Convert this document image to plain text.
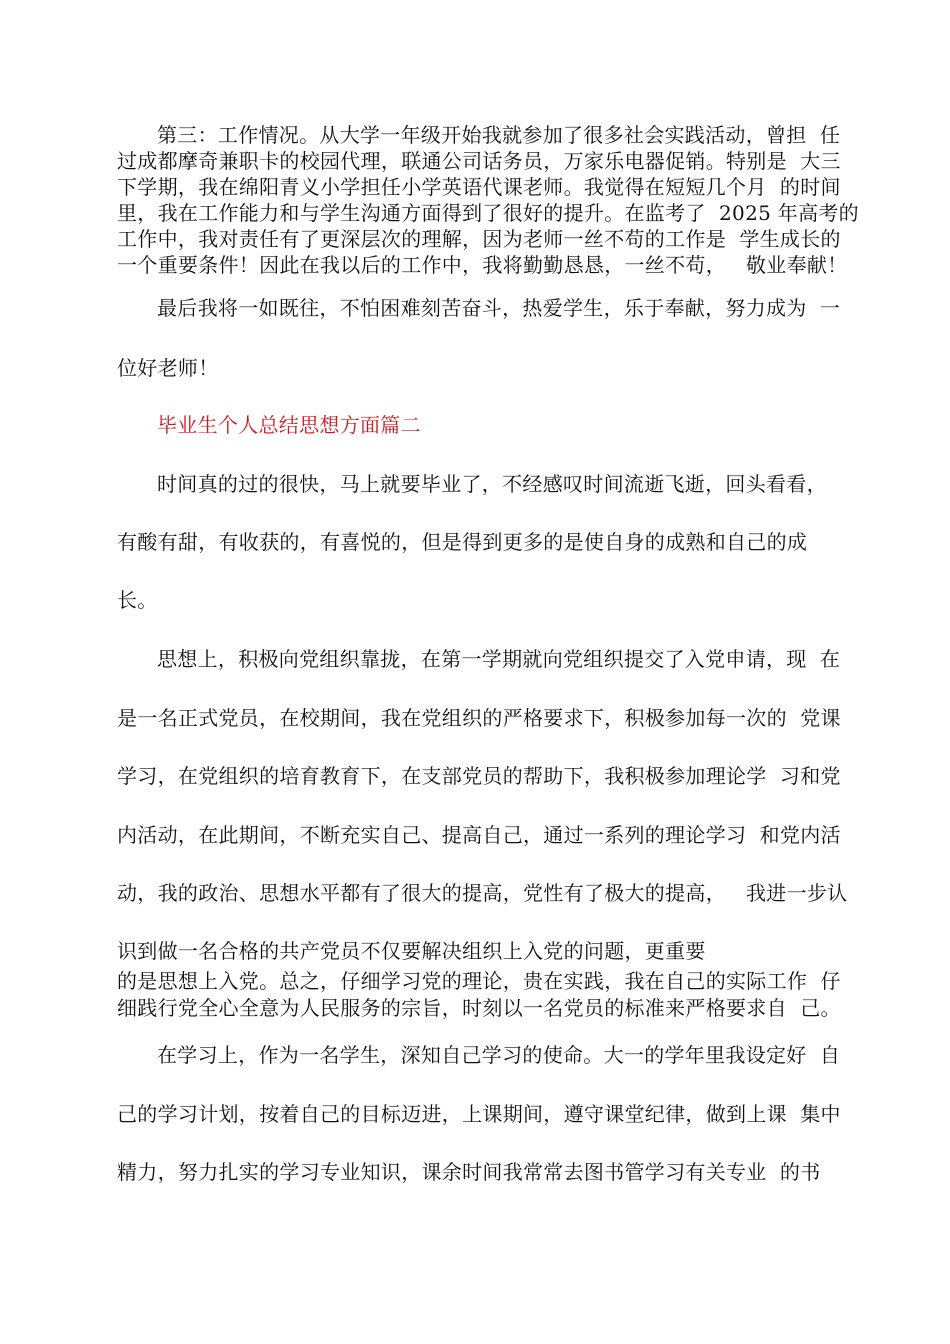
第三：工作情况。从大学一年级开始我就参加了很多社会实践活动，曾担  任
过成都摩奇兼职卡的校园代理，联通公司话务员，万家乐电器促销。特别是  大三
下学期，我在绵阳青义小学担任小学英语代课老师。我觉得在短短几个月  的时间
里，我在工作能力和与学生沟通方面得到了很好的提升。在监考了  2025 年高考的
工作中，我对责任有了更深层次的理解，因为老师一丝不苟的工作是  学生成长的
一个重要条件！因此在我以后的工作中，我将勤勤恳恳，一丝不苟，   敬业奉献！
最后我将一如既往，不怕困难刻苦奋斗，热爱学生，乐于奉献，努力成为  一
位好老师！
毕业生个人总结思想方面篇二
时间真的过的很快，马上就要毕业了，不经感叹时间流逝飞逝，回头看看，
有酸有甜，有收获的，有喜悦的，但是得到更多的是使自身的成熟和自己的成
长。
思想上，积极向党组织靠拢，在第一学期就向党组织提交了入党申请，现  在
是一名正式党员，在校期间，我在党组织的严格要求下，积极参加每一次的  党课
学习，在党组织的培育教育下，在支部党员的帮助下，我积极参加理论学  习和党
内活动，在此期间，不断充实自己、提高自己，通过一系列的理论学习  和党内活
动，我的政治、思想水平都有了很大的提高，党性有了极大的提高，   我进一步认
识到做一名合格的共产党员不仅要解决组织上入党的问题，更重要
的是思想上入党。总之，仔细学习党的理论，贵在实践，我在自己的实际工作  仔
细践行党全心全意为人民服务的宗旨，时刻以一名党员的标准来严格要求自  己。
在学习上，作为一名学生，深知自己学习的使命。大一的学年里我设定好  自
己的学习计划，按着自己的目标迈进，上课期间，遵守课堂纪律，做到上课  集中
精力，努力扎实的学习专业知识，课余时间我常常去图书管学习有关专业  的书
